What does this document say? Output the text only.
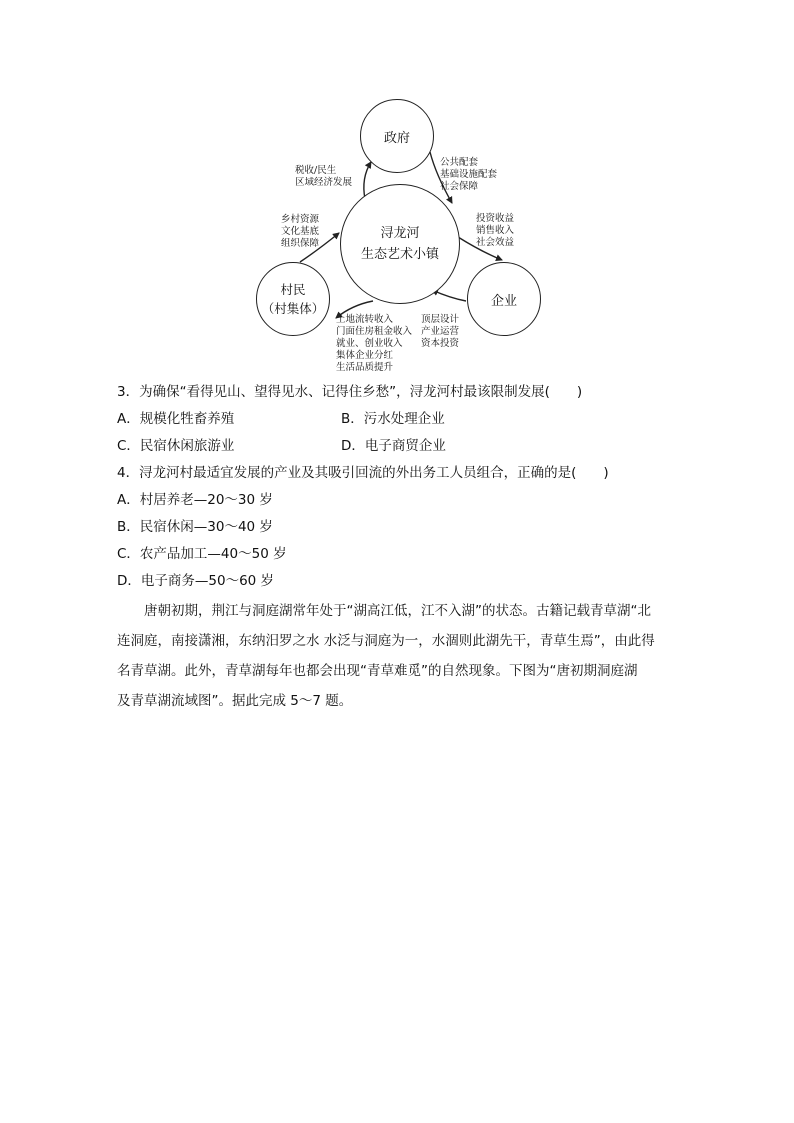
政府
浔龙河
生态艺术小镇
企业
村民
（村集体）
税收/民生
区域经济发展
公共配套
基础设施配套
社会保障
乡村资源
文化基底
组织保障
投资收益
销售收入
社会效益
土地流转收入
门面住房租金收入
就业、创业收入
集体企业分红
生活品质提升
顶层设计
产业运营
资本投资
3．为确保“看得见山、望得见水、记得住乡愁”，浔龙河村最该限制发展(　　)
A．规模化牲畜养殖	B．污水处理企业
C．民宿休闲旅游业	D．电子商贸企业
4．浔龙河村最适宜发展的产业及其吸引回流的外出务工人员组合，正确的是(　　)
A．村居养老—20～30 岁
B．民宿休闲—30～40 岁
C．农产品加工—40～50 岁
D．电子商务—50～60 岁
　　唐朝初期，荆江与洞庭湖常年处于“湖高江低，江不入湖”的状态。古籍记载青草湖“北
连洞庭，南接潇湘，东纳汨罗之水 水泛与洞庭为一，水涸则此湖先干，青草生焉”，由此得
名青草湖。此外，青草湖每年也都会出现“青草难觅”的自然现象。下图为“唐初期洞庭湖
及青草湖流域图”。据此完成 5～7 题。
